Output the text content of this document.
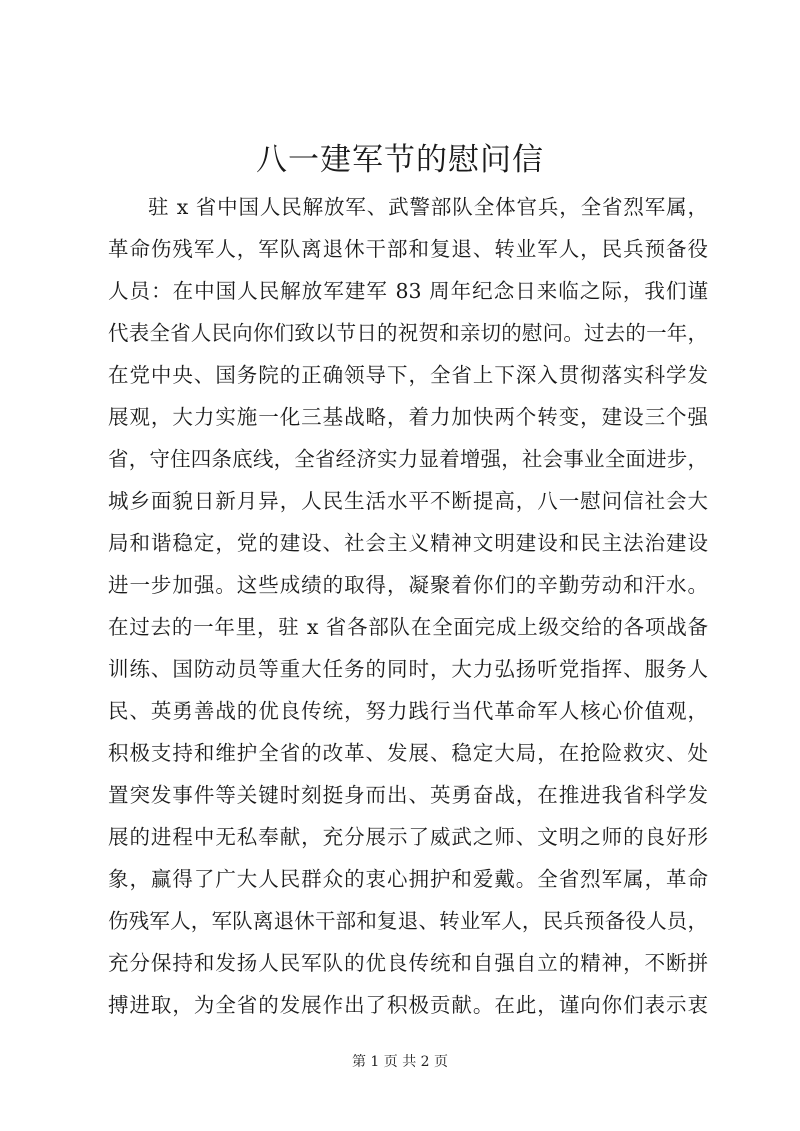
八一建军节的慰问信
驻 x 省中国人民解放军、武警部队全体官兵，全省烈军属，
革命伤残军人，军队离退休干部和复退、转业军人，民兵预备役
人员：在中国人民解放军建军 83 周年纪念日来临之际，我们谨
代表全省人民向你们致以节日的祝贺和亲切的慰问。过去的一年，
在党中央、国务院的正确领导下，全省上下深入贯彻落实科学发
展观，大力实施一化三基战略，着力加快两个转变，建设三个强
省，守住四条底线，全省经济实力显着增强，社会事业全面进步，
城乡面貌日新月异，人民生活水平不断提高，八一慰问信社会大
局和谐稳定，党的建设、社会主义精神文明建设和民主法治建设
进一步加强。这些成绩的取得，凝聚着你们的辛勤劳动和汗水。
在过去的一年里，驻 x 省各部队在全面完成上级交给的各项战备
训练、国防动员等重大任务的同时，大力弘扬听党指挥、服务人
民、英勇善战的优良传统，努力践行当代革命军人核心价值观，
积极支持和维护全省的改革、发展、稳定大局，在抢险救灾、处
置突发事件等关键时刻挺身而出、英勇奋战，在推进我省科学发
展的进程中无私奉献，充分展示了威武之师、文明之师的良好形
象，赢得了广大人民群众的衷心拥护和爱戴。全省烈军属，革命
伤残军人，军队离退休干部和复退、转业军人，民兵预备役人员，
充分保持和发扬人民军队的优良传统和自强自立的精神，不断拼
搏进取，为全省的发展作出了积极贡献。在此，谨向你们表示衷
第 1 页 共 2 页
